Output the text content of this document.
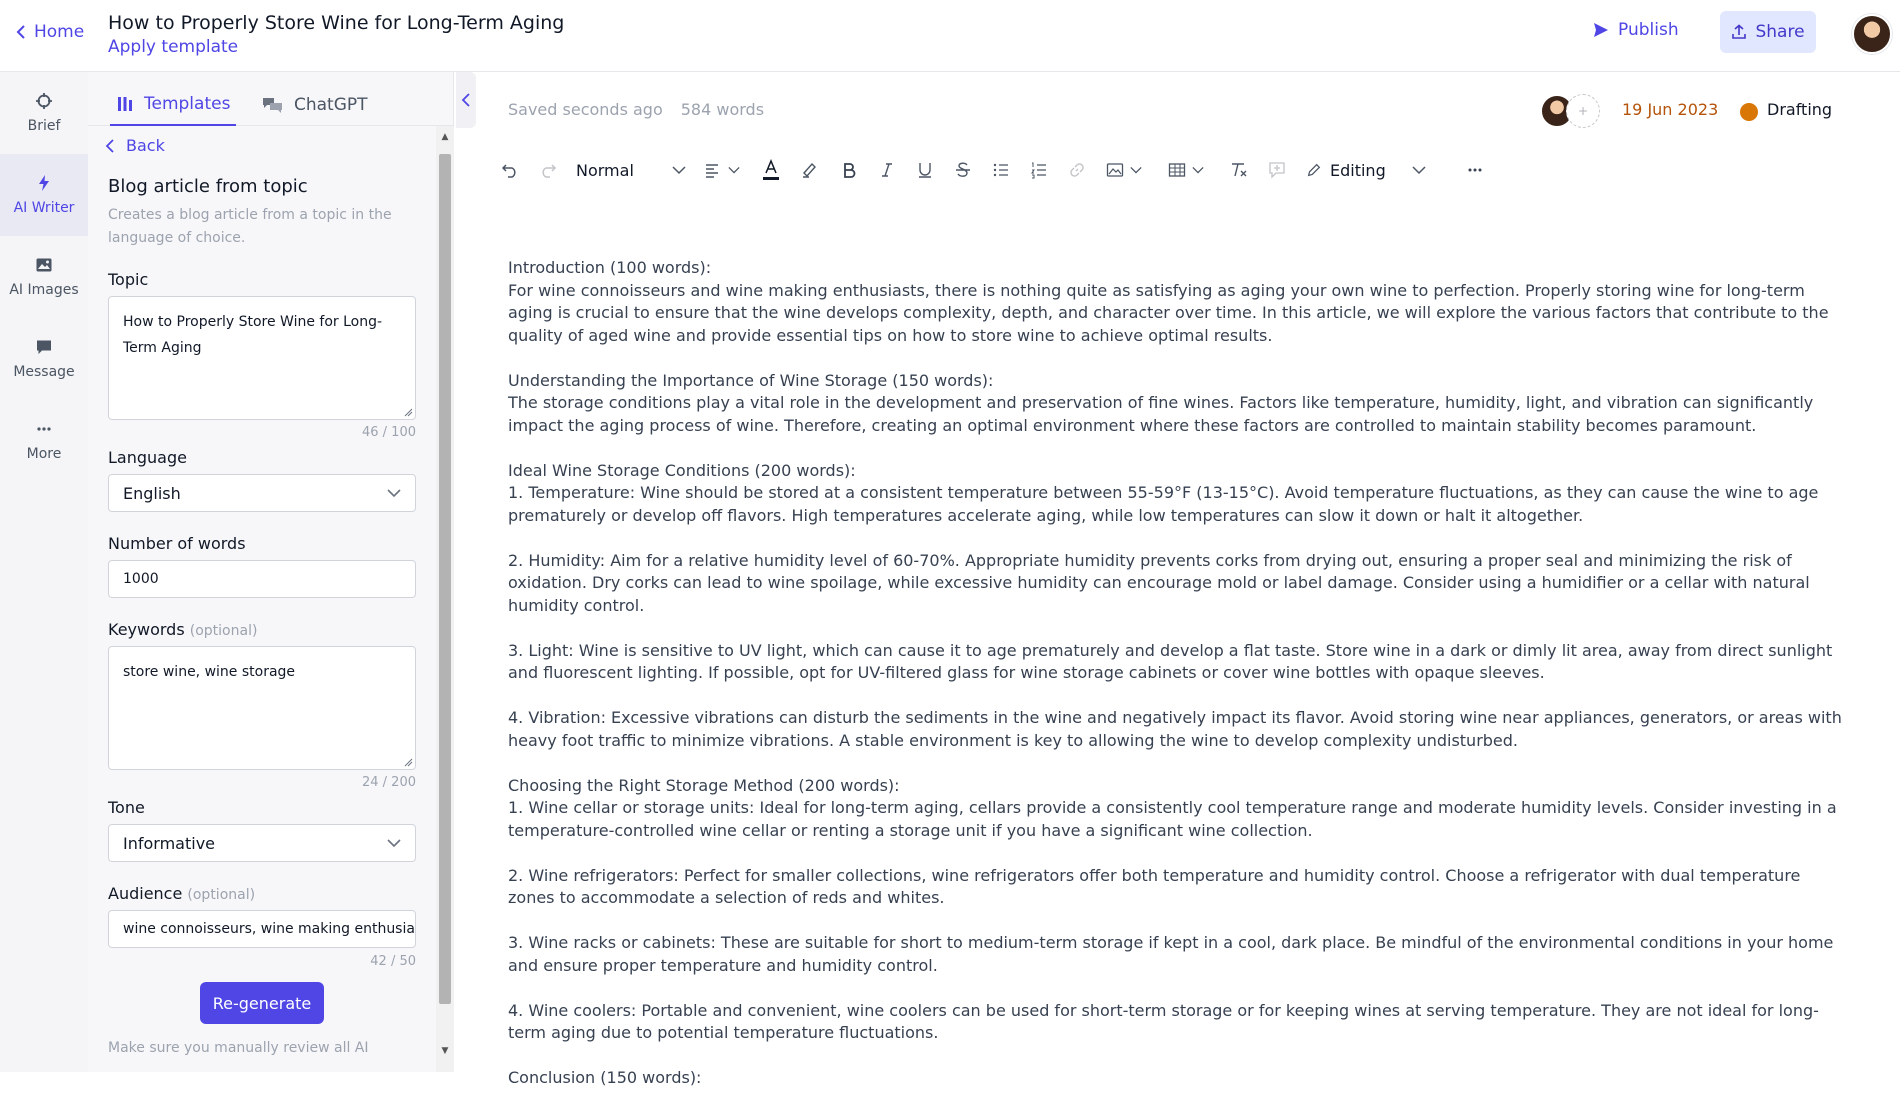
Home How to Properly Store Wine for Long-Term Aging
Apply template
Publish	Share
Brief
AI Writer
AI Images
Message
More
Templates	ChatGPT
Back
Blog article from topic
Creates a blog article from a topic in the language of choice.
Topic
How to Properly Store Wine for Long-Term Aging
46 / 100
Language
English
Number of words
1000
Keywords (optional)
store wine, wine storage
24 / 200
Tone
Informative
Audience (optional)
wine connoisseurs, wine making enthusia
42 / 50
Re-generate
Make sure you manually review all AI
▲
▼
Saved seconds ago 584 words	+	19 Jun 2023	Drafting
Normal	Editing

Introduction (100 words):
For wine connoisseurs and wine making enthusiasts, there is nothing quite as satisfying as aging your own wine to perfection. Properly storing wine for long-term aging is crucial to ensure that the wine develops complexity, depth, and character over time. In this article, we will explore the various factors that contribute to the quality of aged wine and provide essential tips on how to store wine to achieve optimal results.

Understanding the Importance of Wine Storage (150 words):
The storage conditions play a vital role in the development and preservation of fine wines. Factors like temperature, humidity, light, and vibration can significantly impact the aging process of wine. Therefore, creating an optimal environment where these factors are controlled to maintain stability becomes paramount.

Ideal Wine Storage Conditions (200 words):
1. Temperature: Wine should be stored at a consistent temperature between 55-59°F (13-15°C). Avoid temperature fluctuations, as they can cause the wine to age prematurely or develop off flavors. High temperatures accelerate aging, while low temperatures can slow it down or halt it altogether.

2. Humidity: Aim for a relative humidity level of 60-70%. Appropriate humidity prevents corks from drying out, ensuring a proper seal and minimizing the risk of oxidation. Dry corks can lead to wine spoilage, while excessive humidity can encourage mold or label damage. Consider using a humidifier or a cellar with natural humidity control.

3. Light: Wine is sensitive to UV light, which can cause it to age prematurely and develop a flat taste. Store wine in a dark or dimly lit area, away from direct sunlight and fluorescent lighting. If possible, opt for UV-filtered glass for wine storage cabinets or cover wine bottles with opaque sleeves.

4. Vibration: Excessive vibrations can disturb the sediments in the wine and negatively impact its flavor. Avoid storing wine near appliances, generators, or areas with heavy foot traffic to minimize vibrations. A stable environment is key to allowing the wine to develop complexity undisturbed.

Choosing the Right Storage Method (200 words):
1. Wine cellar or storage units: Ideal for long-term aging, cellars provide a consistently cool temperature range and moderate humidity levels. Consider investing in a temperature-controlled wine cellar or renting a storage unit if you have a significant wine collection.

2. Wine refrigerators: Perfect for smaller collections, wine refrigerators offer both temperature and humidity control. Choose a refrigerator with dual temperature zones to accommodate a selection of reds and whites.

3. Wine racks or cabinets: These are suitable for short to medium-term storage if kept in a cool, dark place. Be mindful of the environmental conditions in your home and ensure proper temperature and humidity control.

4. Wine coolers: Portable and convenient, wine coolers can be used for short-term storage or for keeping wines at serving temperature. They are not ideal for long-term aging due to potential temperature fluctuations.

Conclusion (150 words):
